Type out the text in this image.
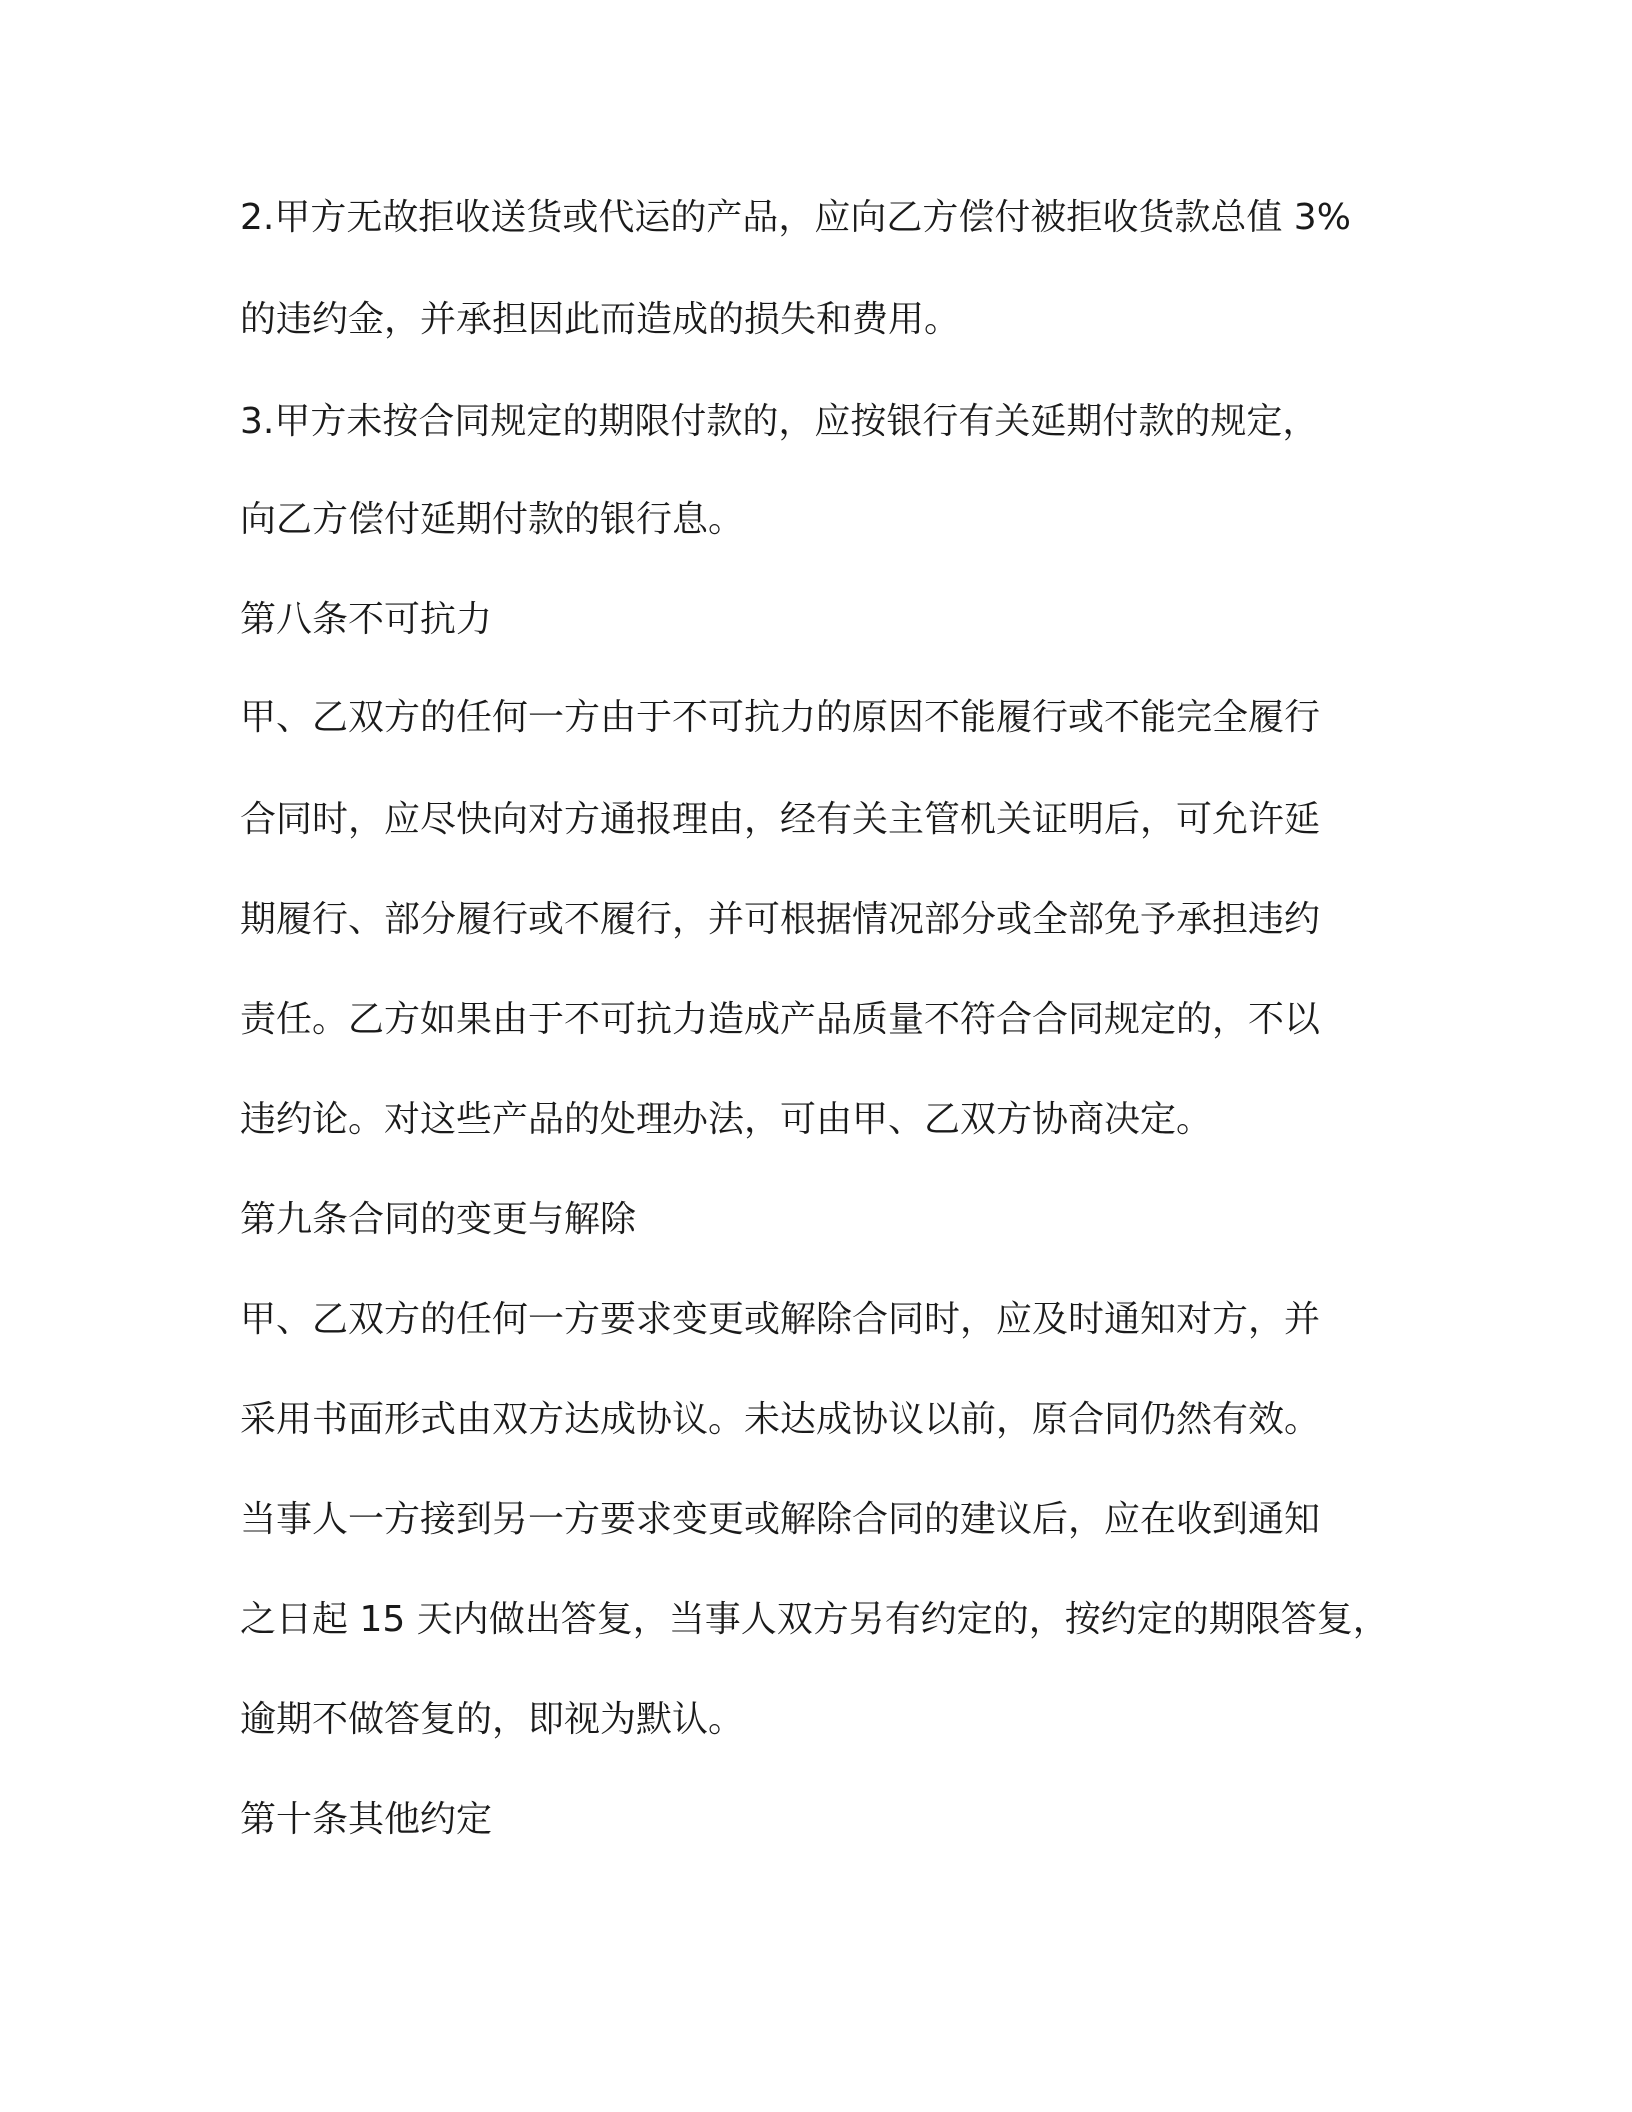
2.甲方无故拒收送货或代运的产品，应向乙方偿付被拒收货款总值 3%
的违约金，并承担因此而造成的损失和费用。
3.甲方未按合同规定的期限付款的，应按银行有关延期付款的规定，
向乙方偿付延期付款的银行息。
第八条不可抗力
甲、乙双方的任何一方由于不可抗力的原因不能履行或不能完全履行
合同时，应尽快向对方通报理由，经有关主管机关证明后，可允许延
期履行、部分履行或不履行，并可根据情况部分或全部免予承担违约
责任。乙方如果由于不可抗力造成产品质量不符合合同规定的，不以
违约论。对这些产品的处理办法，可由甲、乙双方协商决定。
第九条合同的变更与解除
甲、乙双方的任何一方要求变更或解除合同时，应及时通知对方，并
采用书面形式由双方达成协议。未达成协议以前，原合同仍然有效。
当事人一方接到另一方要求变更或解除合同的建议后，应在收到通知
之日起 15 天内做出答复，当事人双方另有约定的，按约定的期限答复，
逾期不做答复的，即视为默认。
第十条其他约定
